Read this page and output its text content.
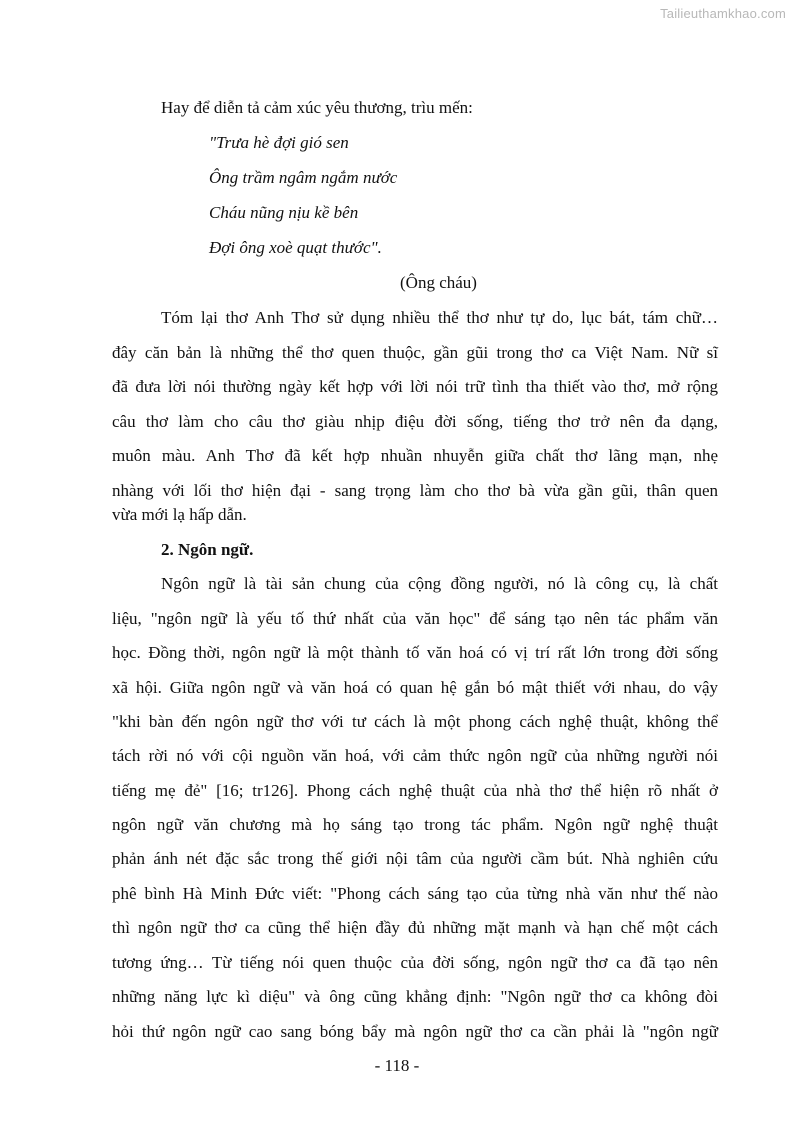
Tailieuthamkhao.com
Hay để diễn tả cảm xúc yêu thương, trìu mến:
"Trưa hè đợi gió sen
Ông trầm ngâm ngắm nước
Cháu nũng nịu kề bên
Đợi ông xoè quạt thước".
(Ông cháu)
Tóm lại thơ Anh Thơ sử dụng nhiều thể thơ như tự do, lục bát, tám chữ…
đây căn bản là những thể thơ quen thuộc, gần gũi trong thơ ca Việt Nam. Nữ sĩ
đã đưa lời nói thường ngày kết hợp với lời nói trữ tình tha thiết vào thơ, mở rộng
câu thơ làm cho câu thơ giàu nhịp điệu đời sống, tiếng thơ trở nên đa dạng,
muôn màu. Anh Thơ đã kết hợp nhuần nhuyễn giữa chất thơ lãng mạn, nhẹ
nhàng với lối thơ hiện đại - sang trọng làm cho thơ bà vừa gần gũi, thân quen
vừa mới lạ hấp dẫn.
2. Ngôn ngữ.
Ngôn ngữ là tài sản chung của cộng đồng người, nó là công cụ, là chất
liệu, "ngôn ngữ là yếu tố thứ nhất của văn học" để sáng tạo nên tác phẩm văn
học. Đồng thời, ngôn ngữ là một thành tố văn hoá có vị trí rất lớn trong đời sống
xã hội. Giữa ngôn ngữ và văn hoá có quan hệ gắn bó mật thiết với nhau, do vậy
"khi bàn đến ngôn ngữ thơ với tư cách là một phong cách nghệ thuật, không thể
tách rời nó với cội nguồn văn hoá, với cảm thức ngôn ngữ của những người nói
tiếng mẹ đẻ" [16; tr126]. Phong cách nghệ thuật của nhà thơ thể hiện rõ nhất ở
ngôn ngữ văn chương mà họ sáng tạo trong tác phẩm. Ngôn ngữ nghệ thuật
phản ánh nét đặc sắc trong thế giới nội tâm của người cầm bút. Nhà nghiên cứu
phê bình Hà Minh Đức viết: "Phong cách sáng tạo của từng nhà văn như thế nào
thì ngôn ngữ thơ ca cũng thể hiện đầy đủ những mặt mạnh và hạn chế một cách
tương ứng… Từ tiếng nói quen thuộc của đời sống, ngôn ngữ thơ ca đã tạo nên
những năng lực kì diệu" và ông cũng khẳng định: "Ngôn ngữ thơ ca không đòi
hỏi thứ ngôn ngữ cao sang bóng bẩy mà ngôn ngữ thơ ca cần phải là "ngôn ngữ
- 118 -
